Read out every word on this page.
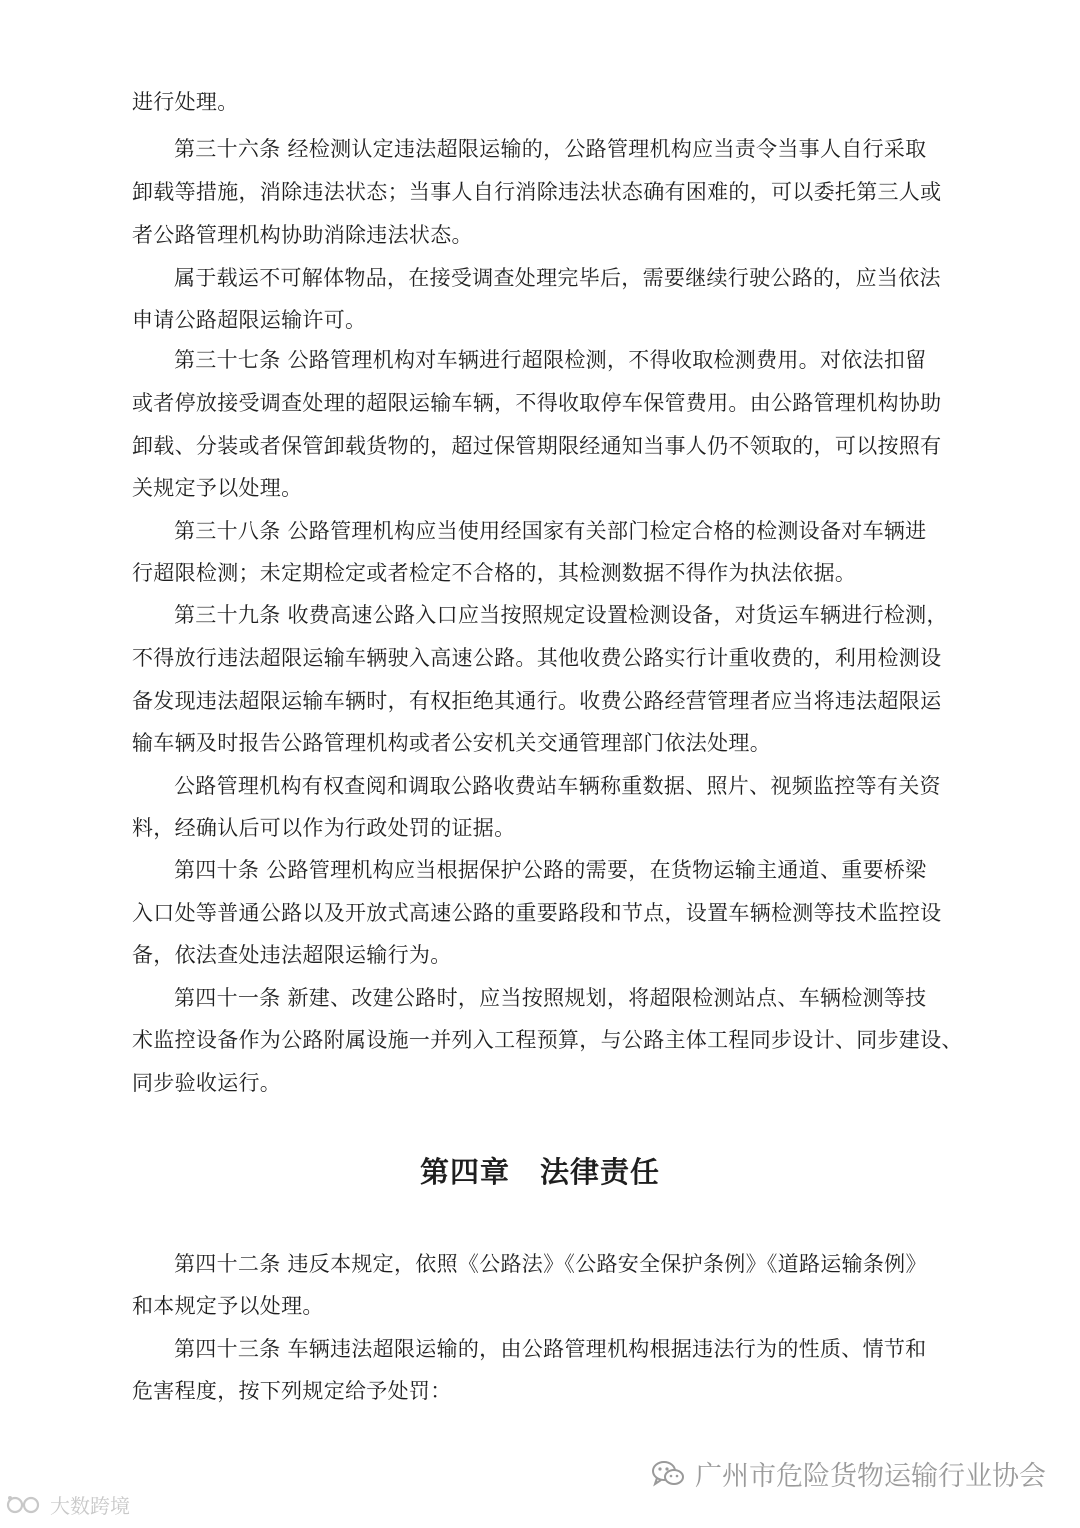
进行处理。
第三十六条 经检测认定违法超限运输的，公路管理机构应当责令当事人自行采取
卸载等措施，消除违法状态；当事人自行消除违法状态确有困难的，可以委托第三人或
者公路管理机构协助消除违法状态。
属于载运不可解体物品，在接受调查处理完毕后，需要继续行驶公路的，应当依法
申请公路超限运输许可。
第三十七条 公路管理机构对车辆进行超限检测，不得收取检测费用。对依法扣留
或者停放接受调查处理的超限运输车辆，不得收取停车保管费用。由公路管理机构协助
卸载、分装或者保管卸载货物的，超过保管期限经通知当事人仍不领取的，可以按照有
关规定予以处理。
第三十八条 公路管理机构应当使用经国家有关部门检定合格的检测设备对车辆进
行超限检测；未定期检定或者检定不合格的，其检测数据不得作为执法依据。
第三十九条 收费高速公路入口应当按照规定设置检测设备，对货运车辆进行检测，
不得放行违法超限运输车辆驶入高速公路。其他收费公路实行计重收费的，利用检测设
备发现违法超限运输车辆时，有权拒绝其通行。收费公路经营管理者应当将违法超限运
输车辆及时报告公路管理机构或者公安机关交通管理部门依法处理。
公路管理机构有权查阅和调取公路收费站车辆称重数据、照片、视频监控等有关资
料，经确认后可以作为行政处罚的证据。
第四十条 公路管理机构应当根据保护公路的需要，在货物运输主通道、重要桥梁
入口处等普通公路以及开放式高速公路的重要路段和节点，设置车辆检测等技术监控设
备，依法查处违法超限运输行为。
第四十一条 新建、改建公路时，应当按照规划，将超限检测站点、车辆检测等技
术监控设备作为公路附属设施一并列入工程预算，与公路主体工程同步设计、同步建设、
同步验收运行。
第四章　法律责任
第四十二条 违反本规定，依照《公路法》《公路安全保护条例》《道路运输条例》
和本规定予以处理。
第四十三条 车辆违法超限运输的，由公路管理机构根据违法行为的性质、情节和
危害程度，按下列规定给予处罚：
大数跨境
广州市危险货物运输行业协会
